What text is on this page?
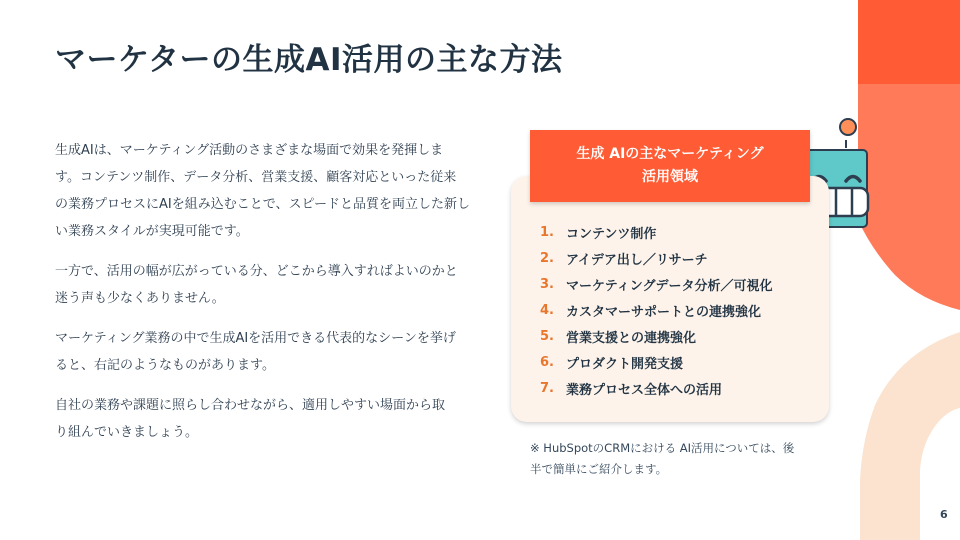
マーケターの生成AI活用の主な方法

生成AIは、マーケティング活動のさまざまな場面で効果を発揮しま
す。コンテンツ制作、データ分析、営業支援、顧客対応といった従来
の業務プロセスにAIを組み込むことで、スピードと品質を両立した新し
い業務スタイルが実現可能です。

一方で、活用の幅が広がっている分、どこから導入すればよいのかと
迷う声も少なくありません。

マーケティング業務の中で生成AIを活用できる代表的なシーンを挙げ
ると、右記のようなものがあります。

自社の業務や課題に照らし合わせながら、適用しやすい場面から取
り組んでいきましょう。

生成 AIの主なマーケティング
活用領域
1. コンテンツ制作
2. アイデア出し／リサーチ
3. マーケティングデータ分析／可視化
4. カスタマーサポートとの連携強化
5. 営業支援との連携強化
6. プロダクト開発支援
7. 業務プロセス全体への活用
※ HubSpotのCRMにおける AI活用については、後
半で簡単にご紹介します。
6
